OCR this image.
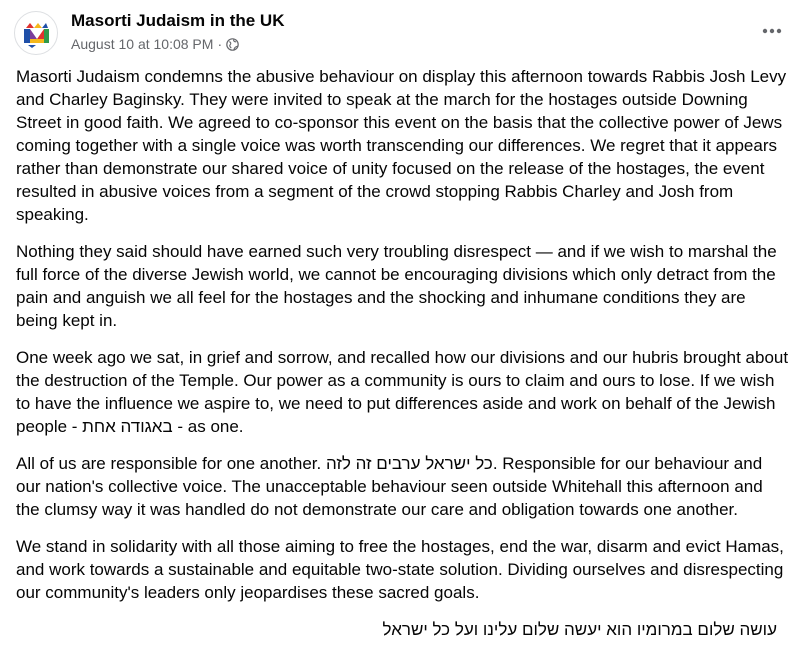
Masorti Judaism in the UK
August 10 at 10:08 PM ·

Masorti Judaism condemns the abusive behaviour on display this afternoon towards Rabbis Josh Levy and Charley Baginsky. They were invited to speak at the march for the hostages outside Downing Street in good faith. We agreed to co-sponsor this event on the basis that the collective power of Jews coming together with a single voice was worth transcending our differences. We regret that it appears rather than demonstrate our shared voice of unity focused on the release of the hostages, the event resulted in abusive voices from a segment of the crowd stopping Rabbis Charley and Josh from speaking.

Nothing they said should have earned such very troubling disrespect — and if we wish to marshal the full force of the diverse Jewish world, we cannot be encouraging divisions which only detract from the pain and anguish we all feel for the hostages and the shocking and inhumane conditions they are being kept in.

One week ago we sat, in grief and sorrow, and recalled how our divisions and our hubris brought about the destruction of the Temple. Our power as a community is ours to claim and ours to lose. If we wish to have the influence we aspire to, we need to put differences aside and work on behalf of the Jewish people - באגודה אחת - as one.

All of us are responsible for one another. כל ישראל ערבים זה לזה. Responsible for our behaviour and our nation's collective voice. The unacceptable behaviour seen outside Whitehall this afternoon and the clumsy way it was handled do not demonstrate our care and obligation towards one another.

We stand in solidarity with all those aiming to free the hostages, end the war, disarm and evict Hamas, and work towards a sustainable and equitable two-state solution. Dividing ourselves and disrespecting our community's leaders only jeopardises these sacred goals.

עושה שלום במרומיו הוא יעשה שלום עלינו ועל כל ישראל
